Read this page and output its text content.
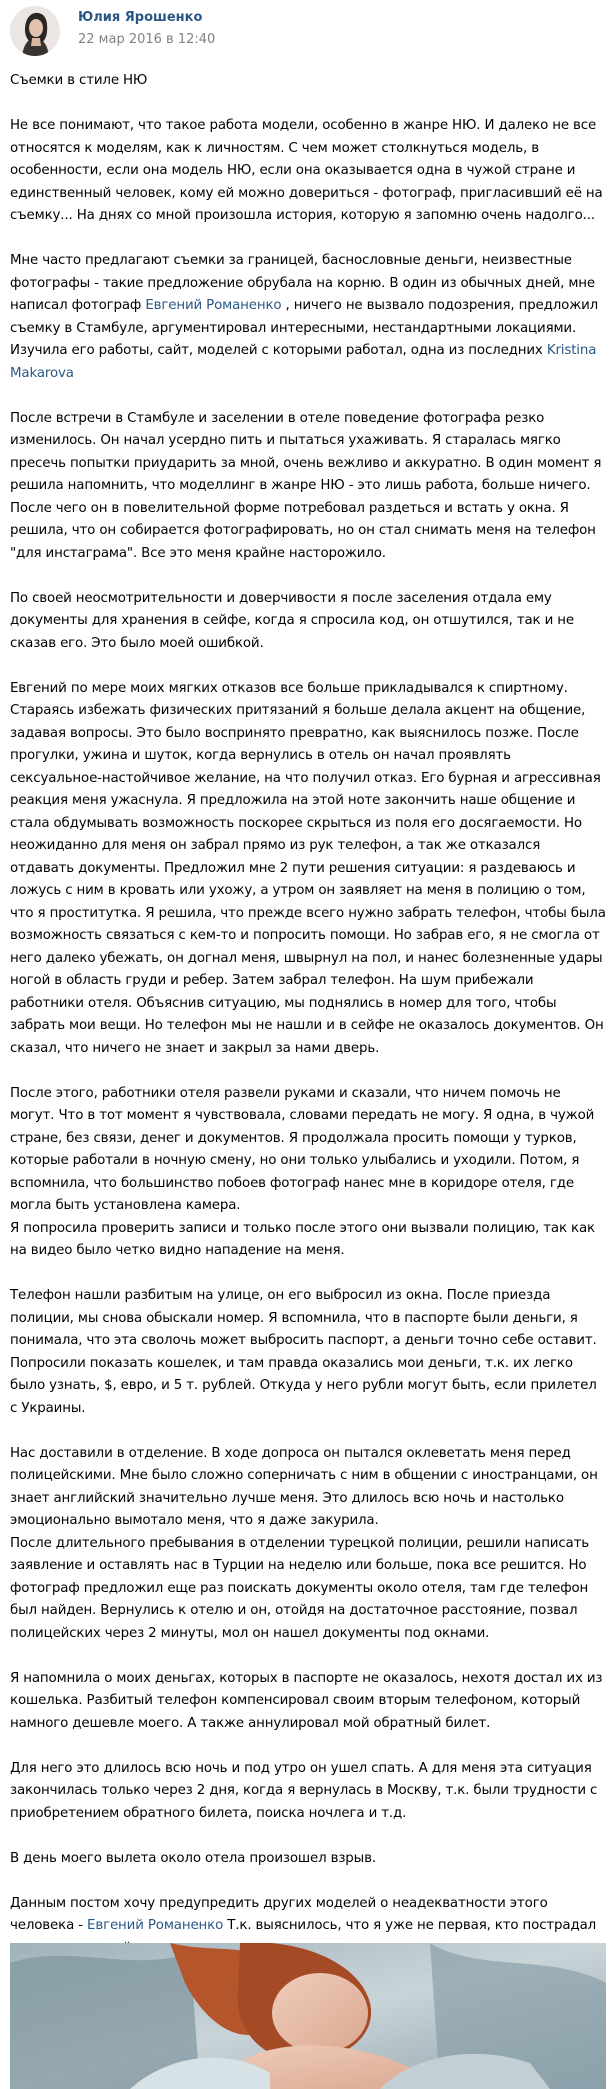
Юлия Ярошенко
22 мар 2016 в 12:40

Съемки в стиле НЮ

Не все понимают, что такое работа модели, особенно в жанре НЮ. И далеко не все относятся к моделям, как к личностям. С чем может столкнуться модель, в особенности, если она модель НЮ, если она оказывается одна в чужой стране и единственный человек, кому ей можно довериться - фотограф, пригласивший её на съемку... На днях со мной произошла история, которую я запомню очень надолго...

Мне часто предлагают съемки за границей, баснословные деньги, неизвестные фотографы - такие предложение обрубала на корню. В один из обычных дней, мне написал фотограф Евгений Романенко , ничего не вызвало подозрения, предложил съемку в Стамбуле, аргументировал интересными, нестандартными локациями. Изучила его работы, сайт, моделей с которыми работал, одна из последних Kristina Makarova

После встречи в Стамбуле и заселении в отеле поведение фотографа резко изменилось. Он начал усердно пить и пытаться ухаживать. Я старалась мягко пресечь попытки приударить за мной, очень вежливо и аккуратно. В один момент я решила напомнить, что моделлинг в жанре НЮ - это лишь работа, больше ничего. После чего он в повелительной форме потребовал раздеться и встать у окна. Я решила, что он собирается фотографировать, но он стал снимать меня на телефон "для инстаграма". Все это меня крайне насторожило.

По своей неосмотрительности и доверчивости я после заселения отдала ему документы для хранения в сейфе, когда я спросила код, он отшутился, так и не сказав его. Это было моей ошибкой.

Евгений по мере моих мягких отказов все больше прикладывался к спиртному. Стараясь избежать физических притязаний я больше делала акцент на общение, задавая вопросы. Это было воспринято превратно, как выяснилось позже. После прогулки, ужина и шуток, когда вернулись в отель он начал проявлять сексуальное-настойчивое желание, на что получил отказ. Его бурная и агрессивная реакция меня ужаснула. Я предложила на этой ноте закончить наше общение и стала обдумывать возможность поскорее скрыться из поля его досягаемости. Но неожиданно для меня он забрал прямо из рук телефон, а так же отказался отдавать документы. Предложил мне 2 пути решения ситуации: я раздеваюсь и ложусь с ним в кровать или ухожу, а утром он заявляет на меня в полицию о том, что я проститутка. Я решила, что прежде всего нужно забрать телефон, чтобы была возможность связаться с кем-то и попросить помощи. Но забрав его, я не смогла от него далеко убежать, он догнал меня, швырнул на пол, и нанес болезненные удары ногой в область груди и ребер. Затем забрал телефон. На шум прибежали работники отеля. Объяснив ситуацию, мы поднялись в номер для того, чтобы забрать мои вещи. Но телефон мы не нашли и в сейфе не оказалось документов. Он сказал, что ничего не знает и закрыл за нами дверь.

После этого, работники отеля развели руками и сказали, что ничем помочь не могут. Что в тот момент я чувствовала, словами передать не могу. Я одна, в чужой стране, без связи, денег и документов. Я продолжала просить помощи у турков, которые работали в ночную смену, но они только улыбались и уходили. Потом, я вспомнила, что большинство побоев фотограф нанес мне в коридоре отеля, где могла быть установлена камера.

Я попросила проверить записи и только после этого они вызвали полицию, так как на видео было четко видно нападение на меня.

Телефон нашли разбитым на улице, он его выбросил из окна. После приезда полиции, мы снова обыскали номер. Я вспомнила, что в паспорте были деньги, я понимала, что эта сволочь может выбросить паспорт, а деньги точно себе оставит. Попросили показать кошелек, и там правда оказались мои деньги, т.к. их легко было узнать, $, евро, и 5 т. рублей. Откуда у него рубли могут быть, если прилетел с Украины.

Нас доставили в отделение. В ходе допроса он пытался оклеветать меня перед полицейскими. Мне было сложно соперничать с ним в общении с иностранцами, он знает английский значительно лучше меня. Это длилось всю ночь и настолько эмоционально вымотало меня, что я даже закурила.

После длительного пребывания в отделении турецкой полиции, решили написать заявление и оставлять нас в Турции на неделю или больше, пока все решится. Но фотограф предложил еще раз поискать документы около отеля, там где телефон был найден. Вернулись к отелю и он, отойдя на достаточное расстояние, позвал полицейских через 2 минуты, мол он нашел документы под окнами.

Я напомнила о моих деньгах, которых в паспорте не оказалось, нехотя достал их из кошелька. Разбитый телефон компенсировал своим вторым телефоном, который намного дешевле моего. А также аннулировал мой обратный билет.

Для него это длилось всю ночь и под утро он ушел спать. А для меня эта ситуация закончилась только через 2 дня, когда я вернулась в Москву, т.к. были трудности с приобретением обратного билета, поиска ночлега и т.д.

В день моего вылета около отела произошел взрыв.

Данным постом хочу предупредить других моделей о неадекватности этого человека - Евгений Романенко Т.к. выяснилось, что я уже не первая, кто пострадал
